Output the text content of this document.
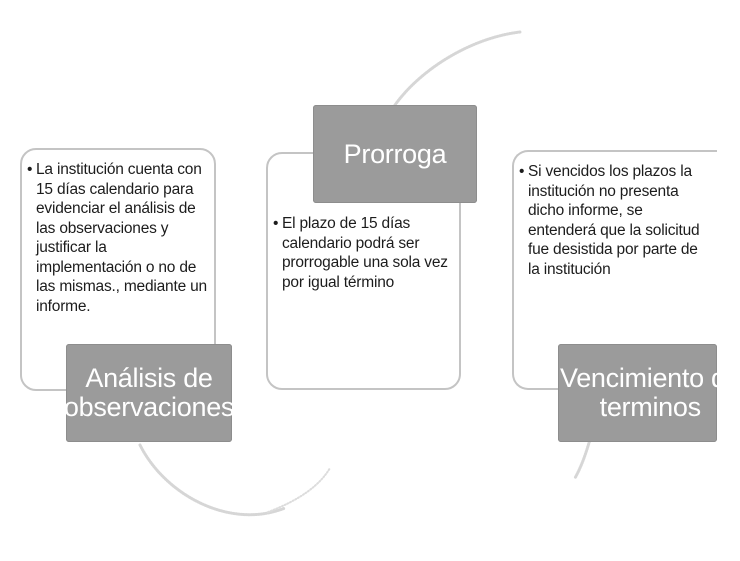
• La institución cuenta con 15 días calendario para evidenciar el análisis de las observaciones y justificar la implementación o no de las mismas., mediante un informe.
Análisis de
observaciones
• El plazo de 15 días calendario podrá ser prorrogable una sola vez por igual término
Prorroga
• Si vencidos los plazos la institución no presenta dicho informe, se entenderá que la solicitud fue desistida por parte de la institución
Vencimiento de
terminos
